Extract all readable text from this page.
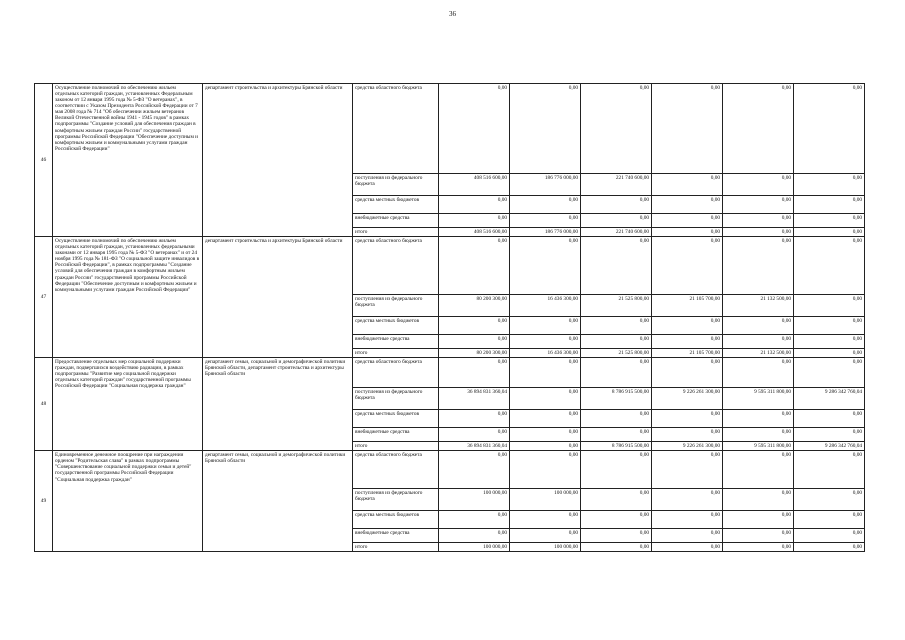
36
46	Осуществление полномочий по обеспечению жильем отдельных категорий граждан, установленных Федеральным законом от 12 января 1995 года № 5-ФЗ "О ветеранах", в соответствии с Указом Президента Российской Федерации от 7 мая 2008 года № 714 "Об обеспечении жильем ветеранов Великой Отечественной войны 1941 - 1945 годов" в рамках подпрограммы "Создание условий для обеспечения граждан в комфортным жильем граждан России" государственной программы Российской Федерации "Обеспечение доступным и комфортным жильем и коммунальными услугами граждан Российской Федерации"	департамент строительства и архитектуры Брянской области	средства областного бюджета	0,00	0,00	0,00	0,00	0,00	0,00
			поступления из федерального бюджета	408 516 600,00	186 776 000,00	221 740 600,00	0,00	0,00	0,00
			средства местных бюджетов	0,00	0,00	0,00	0,00	0,00	0,00
			внебюджетные средства	0,00	0,00	0,00	0,00	0,00	0,00
			итого	408 516 600,00	186 776 000,00	221 740 600,00	0,00	0,00	0,00
47	Осуществление полномочий по обеспечению жильем отдельных категорий граждан, установленных федеральными законами от 12 января 1995 года № 5-ФЗ "О ветеранах" и от 24 ноября 1995 года № 181-ФЗ "О социальной защите инвалидов в Российской Федерации", в рамках подпрограммы "Создание условий для обеспечения граждан в комфортным жильем граждан России" государственной программы Российской Федерации "Обеспечение доступным и комфортным жильем и коммунальными услугами граждан Российской Федерации"	департамент строительства и архитектуры Брянской области	средства областного бюджета	0,00	0,00	0,00	0,00	0,00	0,00
			поступления из федерального бюджета	80 200 300,00	16 436 300,00	21 525 800,00	21 105 700,00	21 132 500,00	0,00
			средства местных бюджетов	0,00	0,00	0,00	0,00	0,00	0,00
			внебюджетные средства	0,00	0,00	0,00	0,00	0,00	0,00
			итого	80 200 300,00	16 436 300,00	21 525 800,00	21 105 700,00	21 132 500,00	0,00
48	Предоставление отдельных мер социальной поддержки граждан, подвергшихся воздействию радиации, в рамках подпрограммы "Развитие мер социальной поддержки отдельных категорий граждан" государственной программы Российской Федерации "Социальная поддержка граждан"	департамент семьи, социальной и демографической политики Брянской области, департамент строительства и архитектуры Брянской области	средства областного бюджета	0,00	0,00	0,00	0,00	0,00	0,00
			поступления из федерального бюджета	36 894 831 360,04	0,00	8 786 915 500,00	9 226 261 300,00	9 595 311 800,00	9 286 342 760,04
			средства местных бюджетов	0,00	0,00	0,00	0,00	0,00	0,00
			внебюджетные средства	0,00	0,00	0,00	0,00	0,00	0,00
			итого	36 894 831 360,04	0,00	8 786 915 500,00	9 226 261 300,00	9 595 311 800,00	9 286 342 760,04
49	Единовременное денежное поощрение при награждении орденом "Родительская слава" в рамках подпрограммы "Совершенствование социальной поддержки семьи и детей" государственной программы Российской Федерации "Социальная поддержка граждан"	департамент семьи, социальной и демографической политики Брянской области	средства областного бюджета	0,00	0,00	0,00	0,00	0,00	0,00
			поступления из федерального бюджета	100 000,00	100 000,00	0,00	0,00	0,00	0,00
			средства местных бюджетов	0,00	0,00	0,00	0,00	0,00	0,00
			внебюджетные средства	0,00	0,00	0,00	0,00	0,00	0,00
			итого	100 000,00	100 000,00	0,00	0,00	0,00	0,00
